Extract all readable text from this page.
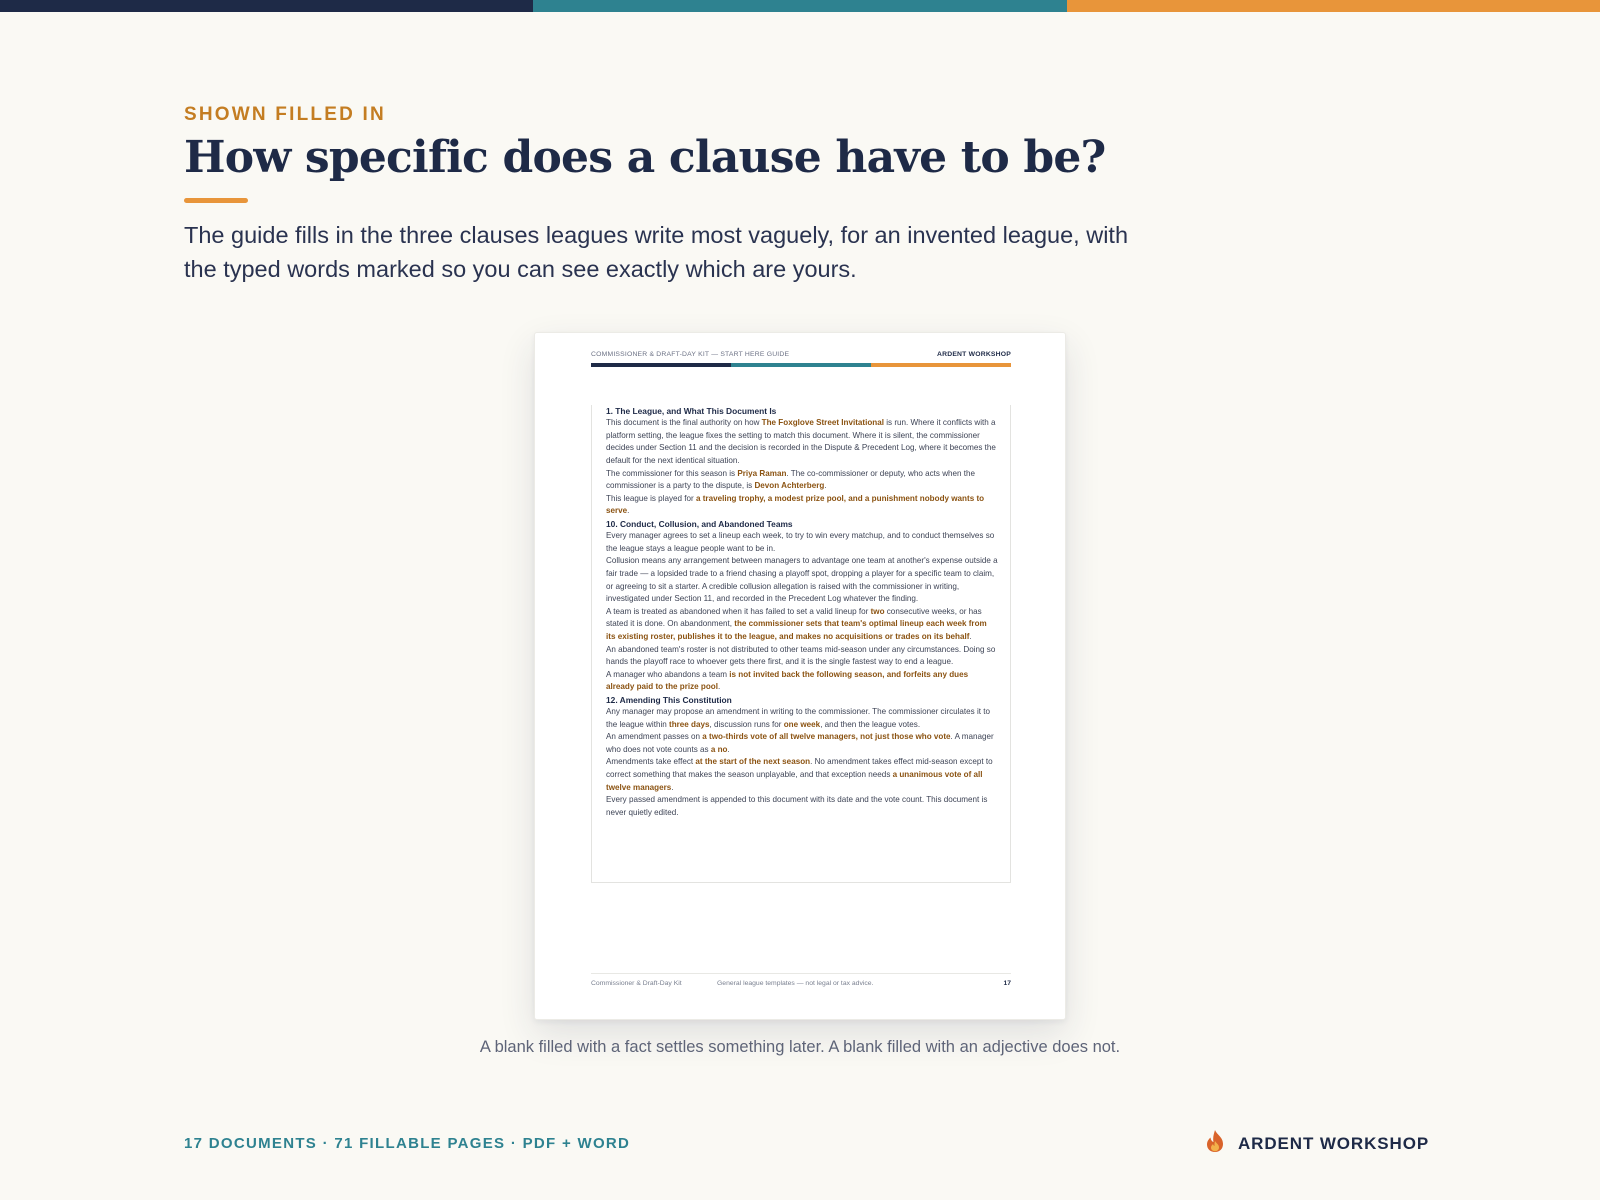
SHOWN FILLED IN
How specific does a clause have to be?

The guide fills in the three clauses leagues write most vaguely, for an invented league, with the typed words marked so you can see exactly which are yours.

COMMISSIONER & DRAFT-DAY KIT — START HERE GUIDE	ARDENT WORKSHOP
1. The League, and What This Document Is

This document is the final authority on how The Foxglove Street Invitational is run. Where it conflicts with a platform setting, the league fixes the setting to match this document. Where it is silent, the commissioner decides under Section 11 and the decision is recorded in the Dispute & Precedent Log, where it becomes the default for the next identical situation.

The commissioner for this season is Priya Raman. The co-commissioner or deputy, who acts when the commissioner is a party to the dispute, is Devon Achterberg.

This league is played for a traveling trophy, a modest prize pool, and a punishment nobody wants to serve.

10. Conduct, Collusion, and Abandoned Teams

Every manager agrees to set a lineup each week, to try to win every matchup, and to conduct themselves so the league stays a league people want to be in.

Collusion means any arrangement between managers to advantage one team at another's expense outside a fair trade — a lopsided trade to a friend chasing a playoff spot, dropping a player for a specific team to claim, or agreeing to sit a starter. A credible collusion allegation is raised with the commissioner in writing, investigated under Section 11, and recorded in the Precedent Log whatever the finding.

A team is treated as abandoned when it has failed to set a valid lineup for two consecutive weeks, or has stated it is done. On abandonment, the commissioner sets that team's optimal lineup each week from its existing roster, publishes it to the league, and makes no acquisitions or trades on its behalf.

An abandoned team's roster is not distributed to other teams mid-season under any circumstances. Doing so hands the playoff race to whoever gets there first, and it is the single fastest way to end a league.

A manager who abandons a team is not invited back the following season, and forfeits any dues already paid to the prize pool.

12. Amending This Constitution

Any manager may propose an amendment in writing to the commissioner. The commissioner circulates it to the league within three days, discussion runs for one week, and then the league votes.

An amendment passes on a two-thirds vote of all twelve managers, not just those who vote. A manager who does not vote counts as a no.

Amendments take effect at the start of the next season. No amendment takes effect mid-season except to correct something that makes the season unplayable, and that exception needs a unanimous vote of all twelve managers.

Every passed amendment is appended to this document with its date and the vote count. This document is never quietly edited.

Commissioner & Draft-Day Kit	General league templates — not legal or tax advice.	17

A blank filled with a fact settles something later. A blank filled with an adjective does not.

17 DOCUMENTS · 71 FILLABLE PAGES · PDF + WORD	ARDENT WORKSHOP
